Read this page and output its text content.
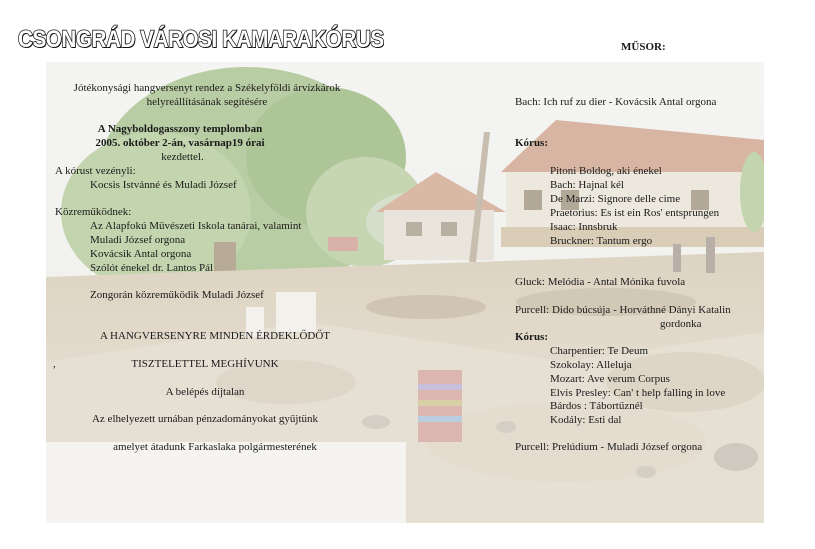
CSONGRÁD VÁROSI KAMARAKÓRUS
Jótékonysági hangversenyt rendez a Székelyföldi árvízkárok
helyreállításának segítésére
A Nagyboldogasszony templomban
2005. október 2-án, vasárnap19 órai
kezdettel.
A kórust vezényli:
Kocsis Istvánné és Muladi József
Közreműködnek:
Az Alapfokú Művészeti Iskola tanárai, valamint
Muladi József orgona
Kovácsik Antal orgona
Szólót énekel dr. Lantos Pál
Zongorán közreműködik Muladi József
A HANGVERSENYRE MINDEN ÉRDEKLŐDŐT
,	TISZTELETTEL MEGHÍVUNK
A belépés díjtalan
Az elhelyezett urnában pénzadományokat gyűjtünk
amelyet átadunk Farkaslaka polgármesterének
MŰSOR:
Bach: Ich ruf zu dier - Kovácsik Antal orgona
Kórus:
Pitoni Boldog, aki énekel
Bach: Hajnal kél
De Marzi: Signore delle cime
Praetorius: Es ist ein Ros' entsprungen
Isaac: Innsbruk
Bruckner: Tantum ergo
Gluck: Melódia - Antal Mónika fuvola
Purcell: Dido búcsúja - Horváthné Dányi Katalin
gordonka
Kórus:
Charpentier: Te Deum
Szokolay: Alleluja
Mozart: Ave verum Corpus
Elvis Presley: Can' t help falling in love
Bárdos : Tábortűznél
Kodály: Esti dal
Purcell: Prelúdium - Muladi József orgona
